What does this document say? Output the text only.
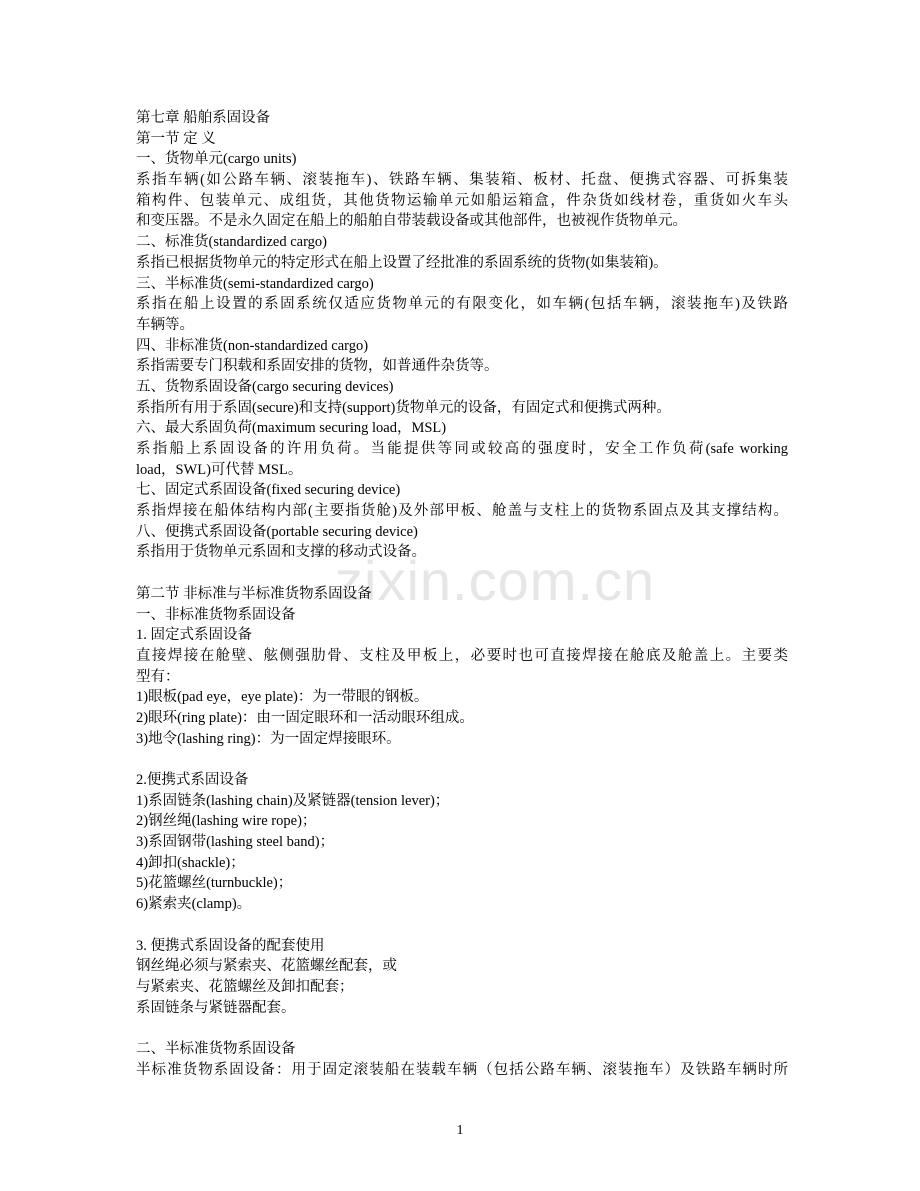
zixin.com.cn
第七章 船舶系固设备
第一节 定 义
一、货物单元(cargo units)
系指车辆(如公路车辆、滚装拖车)、铁路车辆、集装箱、板材、托盘、便携式容器、可拆集装
箱构件、包装单元、成组货，其他货物运输单元如船运箱盒，件杂货如线材卷，重货如火车头
和变压器。不是永久固定在船上的船舶自带装载设备或其他部件，也被视作货物单元。
二、标准货(standardized cargo)
系指已根据货物单元的特定形式在船上设置了经批准的系固系统的货物(如集装箱)。
三、半标准货(semi-standardized cargo)
系指在船上设置的系固系统仅适应货物单元的有限变化，如车辆(包括车辆，滚装拖车)及铁路
车辆等。
四、非标准货(non-standardized cargo)
系指需要专门积载和系固安排的货物，如普通件杂货等。
五、货物系固设备(cargo securing devices)
系指所有用于系固(secure)和支持(support)货物单元的设备，有固定式和便携式两种。
六、最大系固负荷(maximum securing load，MSL)
系指船上系固设备的许用负荷。当能提供等同或较高的强度时，安全工作负荷(safe working
load，SWL)可代替 MSL。
七、固定式系固设备(fixed securing device)
系指焊接在船体结构内部(主要指货舱)及外部甲板、舱盖与支柱上的货物系固点及其支撑结构。
八、便携式系固设备(portable securing device)
系指用于货物单元系固和支撑的移动式设备。
第二节 非标准与半标准货物系固设备
一、非标准货物系固设备
1. 固定式系固设备
直接焊接在舱壁、舷侧强肋骨、支柱及甲板上，必要时也可直接焊接在舱底及舱盖上。主要类
型有：
1)眼板(pad eye，eye plate)：为一带眼的钢板。
2)眼环(ring plate)：由一固定眼环和一活动眼环组成。
3)地令(lashing ring)：为一固定焊接眼环。
2.便携式系固设备
1)系固链条(lashing chain)及紧链器(tension lever)；
2)钢丝绳(lashing wire rope)；
3)系固钢带(lashing steel band)；
4)卸扣(shackle)；
5)花篮螺丝(turnbuckle)；
6)紧索夹(clamp)。
3. 便携式系固设备的配套使用
钢丝绳必须与紧索夹、花篮螺丝配套，或
与紧索夹、花篮螺丝及卸扣配套；
系固链条与紧链器配套。
二、半标准货物系固设备
半标准货物系固设备：用于固定滚装船在装载车辆（包括公路车辆、滚装拖车）及铁路车辆时所
1
